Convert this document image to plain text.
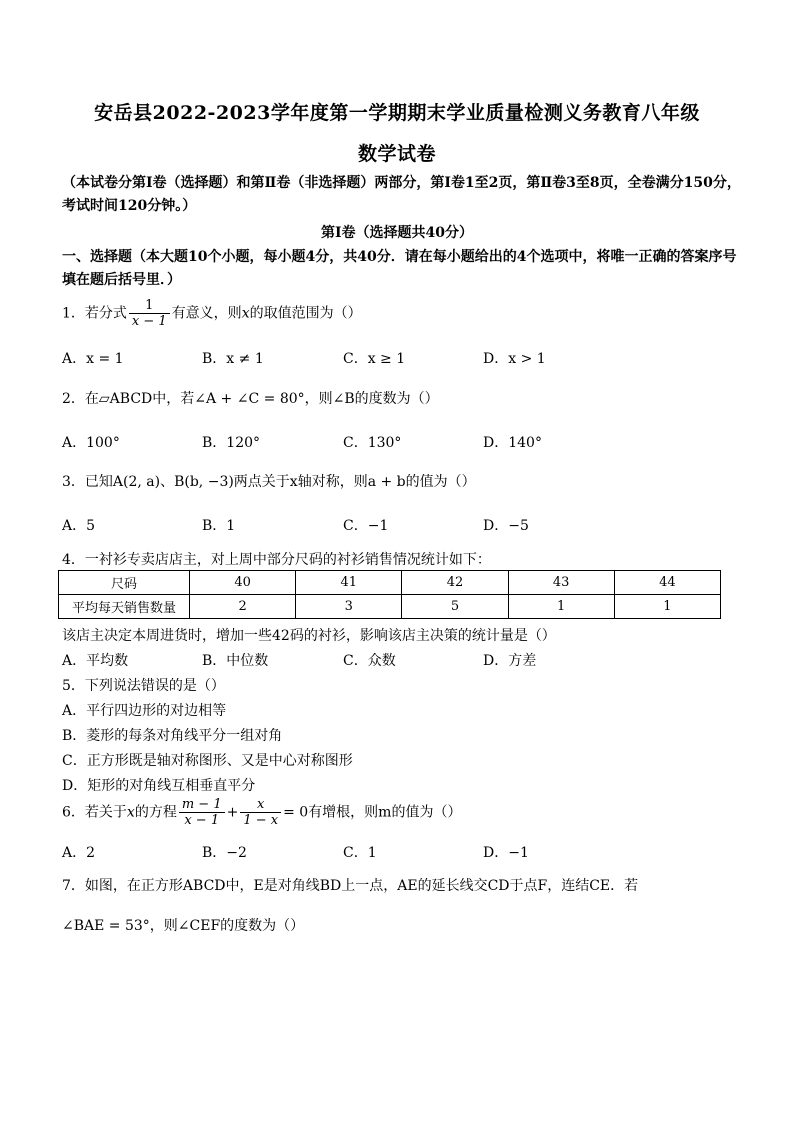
安岳县2022-2023学年度第一学期期末学业质量检测义务教育八年级
数学试卷
（本试卷分第Ⅰ卷（选择题）和第Ⅱ卷（非选择题）两部分，第Ⅰ卷1至2页，第Ⅱ卷3至8页，全卷满分150分，考试时间120分钟。）
第Ⅰ卷（选择题共40分）
一、选择题（本大题10个小题，每小题4分，共40分．请在每小题给出的4个选项中，将唯一正确的答案序号填在题后括号里．）
1．若分式 $\frac{1}{x - 1}$ 有意义，则x的取值范围为（）
A．x = 1	B．x ≠ 1	C．x ≥ 1	D．x > 1
2．在▱ABCD中，若∠A + ∠C = 80°，则∠B的度数为（）
A．100°	B．120°	C．130°	D．140°
3．已知A(2, a)、B(b, −3)两点关于x轴对称，则a + b的值为（）
A．5	B．1	C．−1	D．−5
4．一衬衫专卖店店主，对上周中部分尺码的衬衫销售情况统计如下：
尺码	40	41	42	43	44
平均每天销售数量	2	3	5	1	1
该店主决定本周进货时，增加一些42码的衬衫，影响该店主决策的统计量是（）
A．平均数	B．中位数	C．众数	D．方差
5．下列说法错误的是（）
A．平行四边形的对边相等
B．菱形的每条对角线平分一组对角
C．正方形既是轴对称图形、又是中心对称图形
D．矩形的对角线互相垂直平分
6．若关于x的方程 $\frac{m - 1}{x - 1} + \frac{x}{1 - x} = 0$有增根，则m的值为（）
A．2	B．−2	C．1	D．−1
7．如图，在正方形ABCD中，E是对角线BD上一点，AE的延长线交CD于点F，连结CE．若
∠BAE = 53°，则∠CEF的度数为（）
